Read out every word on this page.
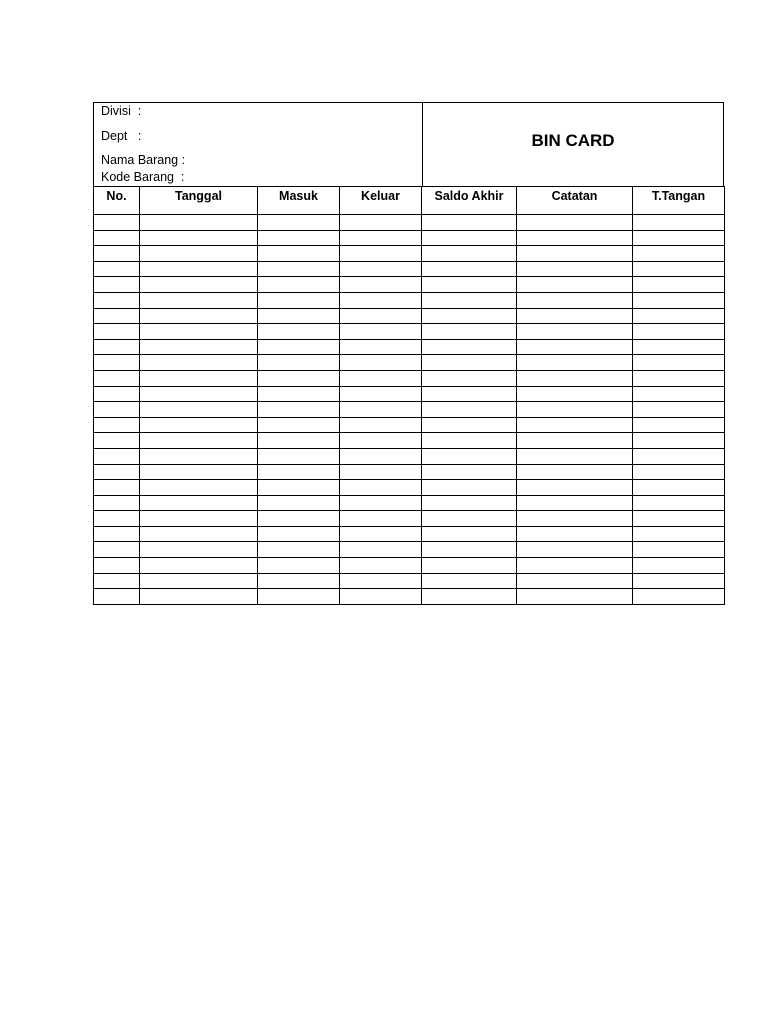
Divisi  :
Dept   :
Nama Barang :
Kode Barang  :
BIN CARD
No.	Tanggal	Masuk	Keluar	Saldo Akhir	Catatan	T.Tangan
